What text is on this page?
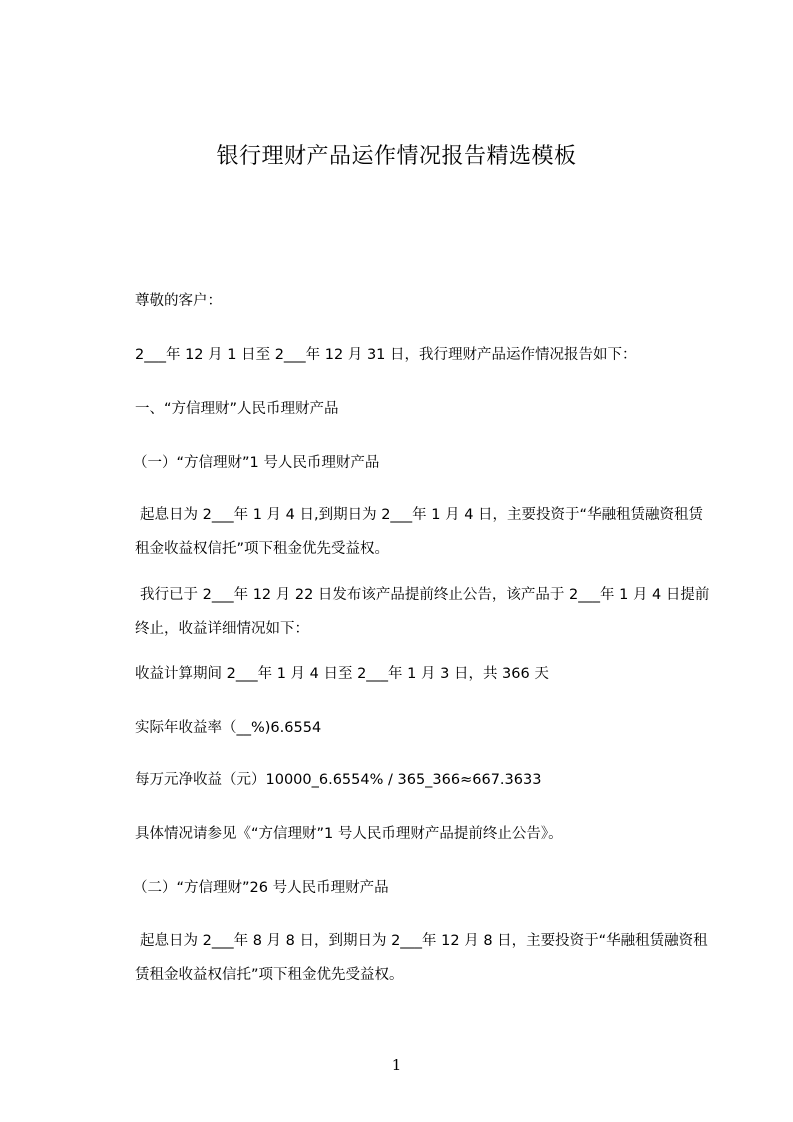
银行理财产品运作情况报告精选模板
尊敬的客户：
2___年 12 月 1 日至 2___年 12 月 31 日，我行理财产品运作情况报告如下：
一、“方信理财”人民币理财产品
（一）“方信理财”1 号人民币理财产品
起息日为 2___年 1 月 4 日,到期日为 2___年 1 月 4 日，主要投资于“华融租赁融资租赁租金收益权信托”项下租金优先受益权。
我行已于 2___年 12 月 22 日发布该产品提前终止公告，该产品于 2___年 1 月 4 日提前终止，收益详细情况如下：
收益计算期间 2___年 1 月 4 日至 2___年 1 月 3 日，共 366 天
实际年收益率（__%)6.6554
每万元净收益（元）10000_6.6554% / 365_366≈667.3633
具体情况请参见《“方信理财”1 号人民币理财产品提前终止公告》。
（二）“方信理财”26 号人民币理财产品
起息日为 2___年 8 月 8 日，到期日为 2___年 12 月 8 日，主要投资于“华融租赁融资租赁租金收益权信托”项下租金优先受益权。
1
